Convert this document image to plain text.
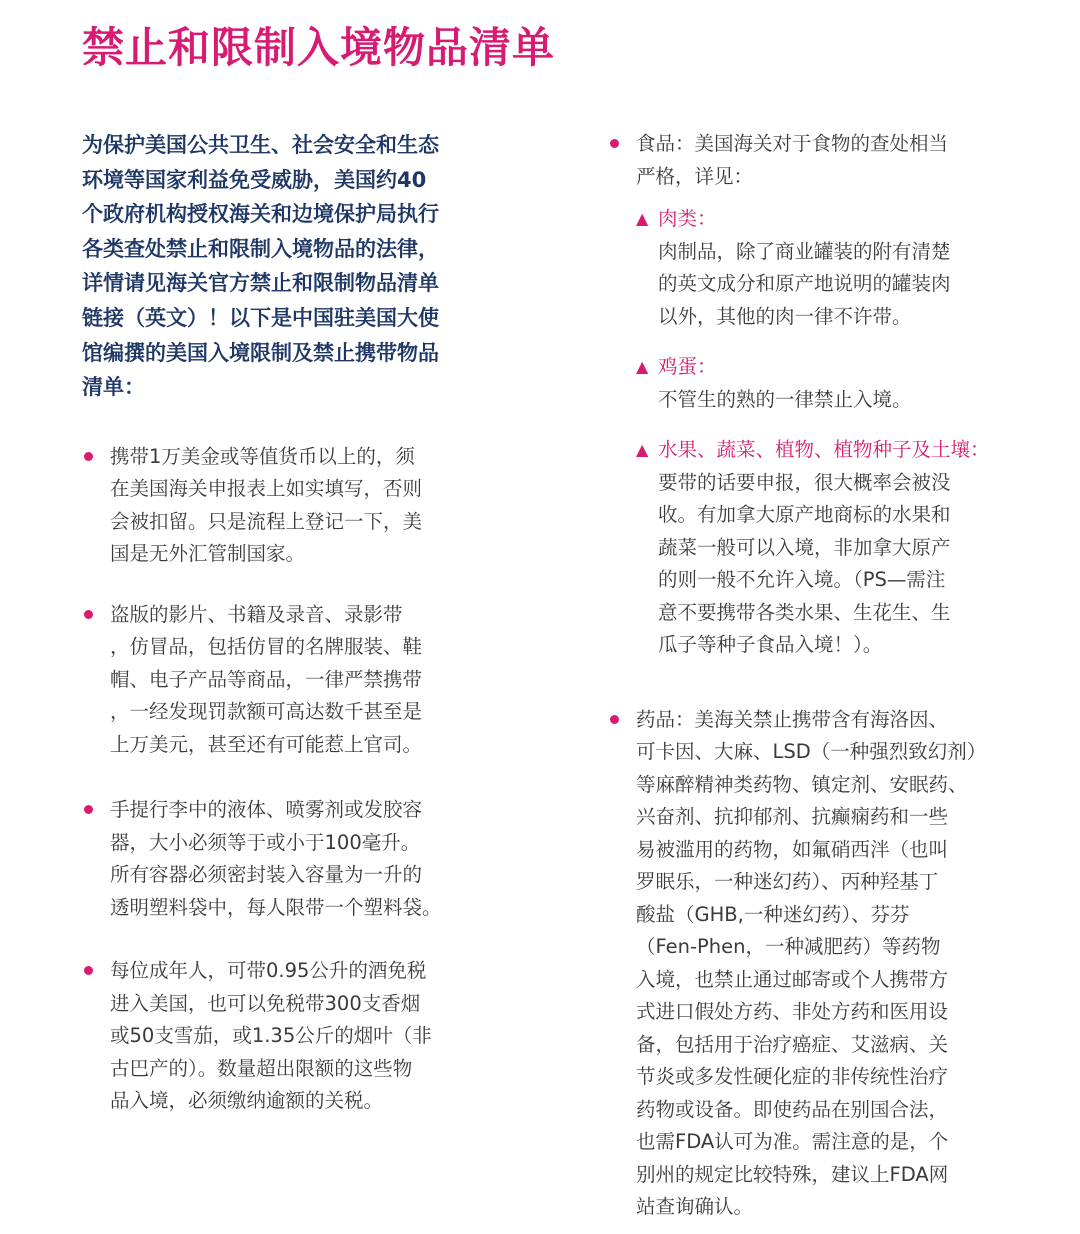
禁止和限制入境物品清单
为保护美国公共卫生、社会安全和生态
环境等国家利益免受威胁，美国约40
个政府机构授权海关和边境保护局执行
各类查处禁止和限制入境物品的法律，
详情请见海关官方禁止和限制物品清单
链接（英文）！以下是中国驻美国大使
馆编撰的美国入境限制及禁止携带物品
清单：
携带1万美金或等值货币以上的，须
在美国海关申报表上如实填写，否则
会被扣留。只是流程上登记一下，美
国是无外汇管制国家。
盗版的影片、书籍及录音、录影带
，仿冒品，包括仿冒的名牌服装、鞋
帽、电子产品等商品，一律严禁携带
，一经发现罚款额可高达数千甚至是
上万美元，甚至还有可能惹上官司。
手提行李中的液体、喷雾剂或发胶容
器，大小必须等于或小于100毫升。
所有容器必须密封装入容量为一升的
透明塑料袋中，每人限带一个塑料袋。
每位成年人，可带0.95公升的酒免税
进入美国，也可以免税带300支香烟
或50支雪茄，或1.35公斤的烟叶（非
古巴产的）。数量超出限额的这些物
品入境，必须缴纳逾额的关税。
食品：美国海关对于食物的查处相当
严格，详见：
▲ 肉类：
肉制品，除了商业罐装的附有清楚
的英文成分和原产地说明的罐装肉
以外，其他的肉一律不许带。
▲ 鸡蛋：
不管生的熟的一律禁止入境。
▲ 水果、蔬菜、植物、植物种子及土壤：
要带的话要申报，很大概率会被没
收。有加拿大原产地商标的水果和
蔬菜一般可以入境，非加拿大原产
的则一般不允许入境。（PS—需注
意不要携带各类水果、生花生、生
瓜子等种子食品入境！）。
药品：美海关禁止携带含有海洛因、
可卡因、大麻、LSD（一种强烈致幻剂）
等麻醉精神类药物、镇定剂、安眠药、
兴奋剂、抗抑郁剂、抗癫痫药和一些
易被滥用的药物，如氟硝西泮（也叫
罗眠乐，一种迷幻药）、丙种羟基丁
酸盐（GHB,一种迷幻药）、芬芬
（Fen-Phen，一种减肥药）等药物
入境，也禁止通过邮寄或个人携带方
式进口假处方药、非处方药和医用设
备，包括用于治疗癌症、艾滋病、关
节炎或多发性硬化症的非传统性治疗
药物或设备。即使药品在别国合法，
也需FDA认可为准。需注意的是，个
别州的规定比较特殊，建议上FDA网
站查询确认。
